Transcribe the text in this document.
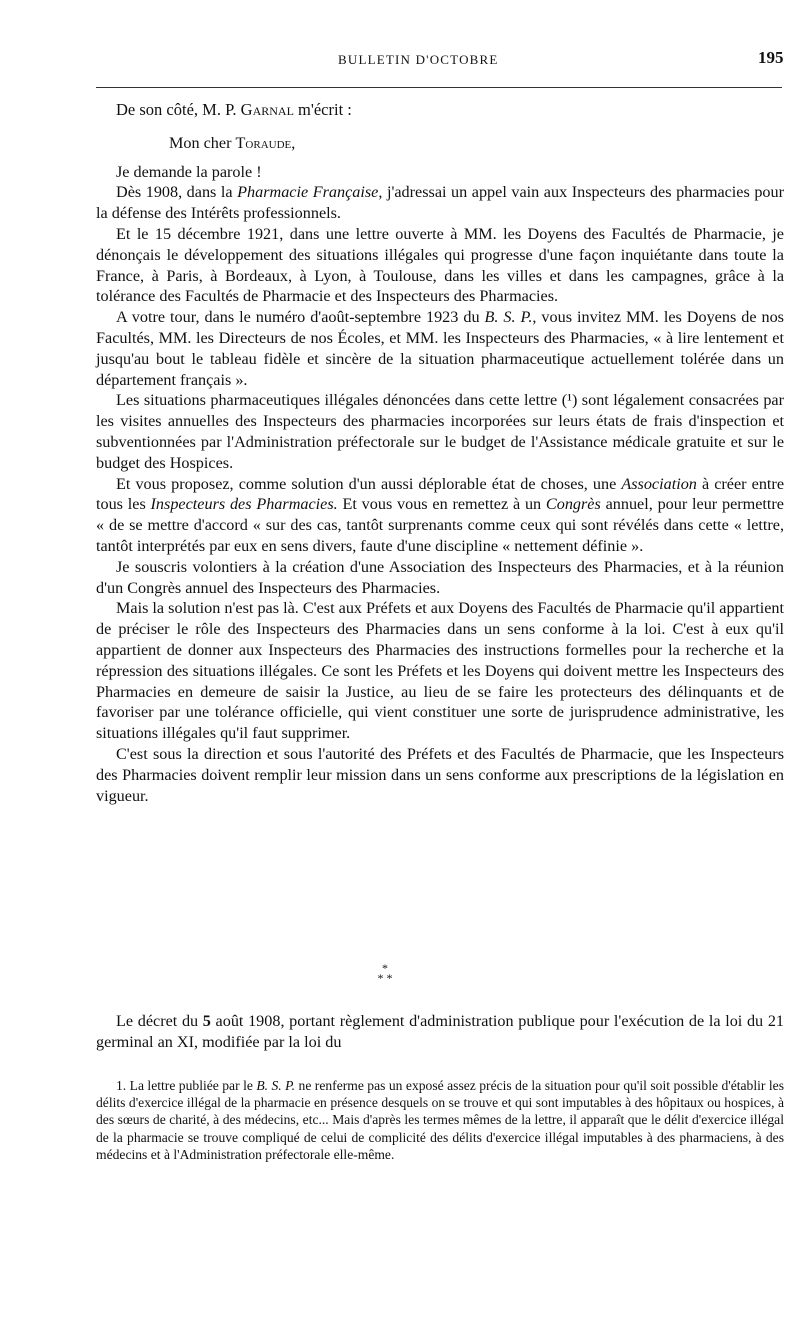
BULLETIN D'OCTOBRE	195

De son côté, M. P. Garnal m'écrit :

Mon cher Toraude,

Je demande la parole !

Dès 1908, dans la Pharmacie Française, j'adressai un appel vain aux Inspecteurs des pharmacies pour la défense des Intérêts professionnels.

Et le 15 décembre 1921, dans une lettre ouverte à MM. les Doyens des Facultés de Pharmacie, je dénonçais le développement des situations illégales qui progresse d'une façon inquiétante dans toute la France, à Paris, à Bordeaux, à Lyon, à Toulouse, dans les villes et dans les campagnes, grâce à la tolérance des Facultés de Pharmacie et des Inspecteurs des Pharmacies.

A votre tour, dans le numéro d'août-septembre 1923 du B. S. P., vous invitez MM. les Doyens de nos Facultés, MM. les Directeurs de nos Écoles, et MM. les Inspecteurs des Pharmacies, « à lire lentement et jusqu'au bout le tableau fidèle et sincère de la situation pharmaceutique actuellement tolérée dans un département français ».

Les situations pharmaceutiques illégales dénoncées dans cette lettre (¹) sont légalement consacrées par les visites annuelles des Inspecteurs des pharmacies incorporées sur leurs états de frais d'inspection et subventionnées par l'Administration préfectorale sur le budget de l'Assistance médicale gratuite et sur le budget des Hospices.

Et vous proposez, comme solution d'un aussi déplorable état de choses, une Association à créer entre tous les Inspecteurs des Pharmacies. Et vous vous en remettez à un Congrès annuel, pour leur permettre « de se mettre d'accord « sur des cas, tantôt surprenants comme ceux qui sont révélés dans cette « lettre, tantôt interprétés par eux en sens divers, faute d'une discipline « nettement définie ».

Je souscris volontiers à la création d'une Association des Inspecteurs des Pharmacies, et à la réunion d'un Congrès annuel des Inspecteurs des Pharmacies.

Mais la solution n'est pas là. C'est aux Préfets et aux Doyens des Facultés de Pharmacie qu'il appartient de préciser le rôle des Inspecteurs des Pharmacies dans un sens conforme à la loi. C'est à eux qu'il appartient de donner aux Inspecteurs des Pharmacies des instructions formelles pour la recherche et la répression des situations illégales. Ce sont les Préfets et les Doyens qui doivent mettre les Inspecteurs des Pharmacies en demeure de saisir la Justice, au lieu de se faire les protecteurs des délinquants et de favoriser par une tolérance officielle, qui vient constituer une sorte de jurisprudence administrative, les situations illégales qu'il faut supprimer.

C'est sous la direction et sous l'autorité des Préfets et des Facultés de Pharmacie, que les Inspecteurs des Pharmacies doivent remplir leur mission dans un sens conforme aux prescriptions de la législation en vigueur.

*
* *

Le décret du 5 août 1908, portant règlement d'administration publique pour l'exécution de la loi du 21 germinal an XI, modifiée par la loi du

1. La lettre publiée par le B. S. P. ne renferme pas un exposé assez précis de la situation pour qu'il soit possible d'établir les délits d'exercice illégal de la pharmacie en présence desquels on se trouve et qui sont imputables à des hôpitaux ou hospices, à des sœurs de charité, à des médecins, etc... Mais d'après les termes mêmes de la lettre, il apparaît que le délit d'exercice illégal de la pharmacie se trouve compliqué de celui de complicité des délits d'exercice illégal imputables à des pharmaciens, à des médecins et à l'Administration préfectorale elle-même.
